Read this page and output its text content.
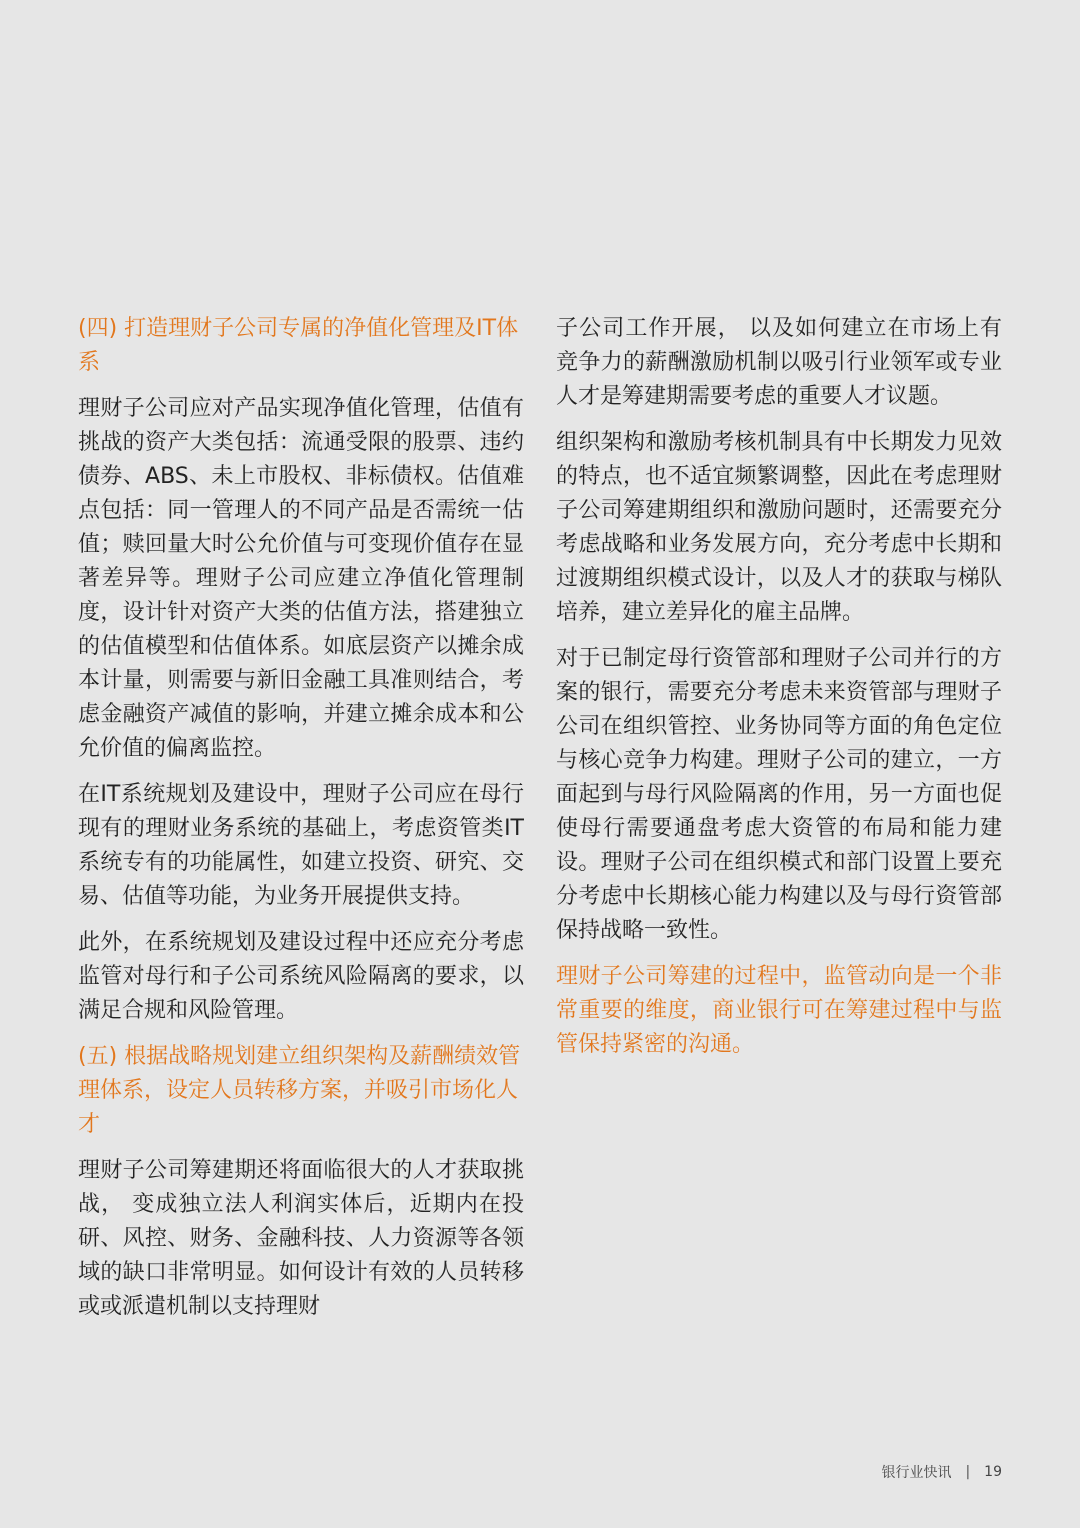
(四) 打造理财子公司专属的净值化管理及IT体系

理财子公司应对产品实现净值化管理，估值有挑战的资产大类包括：流通受限的股票、违约债券、ABS、未上市股权、非标债权。估值难点包括：同一管理人的不同产品是否需统一估值；赎回量大时公允价值与可变现价值存在显著差异等。理财子公司应建立净值化管理制度，设计针对资产大类的估值方法，搭建独立的估值模型和估值体系。如底层资产以摊余成本计量，则需要与新旧金融工具准则结合，考虑金融资产减值的影响，并建立摊余成本和公允价值的偏离监控。

在IT系统规划及建设中，理财子公司应在母行现有的理财业务系统的基础上，考虑资管类IT系统专有的功能属性，如建立投资、研究、交易、估值等功能，为业务开展提供支持。

此外，在系统规划及建设过程中还应充分考虑监管对母行和子公司系统风险隔离的要求，以满足合规和风险管理。

(五) 根据战略规划建立组织架构及薪酬绩效管理体系，设定人员转移方案，并吸引市场化人才

理财子公司筹建期还将面临很大的人才获取挑战， 变成独立法人利润实体后，近期内在投研、风控、财务、金融科技、人力资源等各领域的缺口非常明显。如何设计有效的人员转移或或派遣机制以支持理财

子公司工作开展， 以及如何建立在市场上有竞争力的薪酬激励机制以吸引行业领军或专业人才是筹建期需要考虑的重要人才议题。

组织架构和激励考核机制具有中长期发力见效的特点，也不适宜频繁调整，因此在考虑理财子公司筹建期组织和激励问题时，还需要充分考虑战略和业务发展方向，充分考虑中长期和过渡期组织模式设计，以及人才的获取与梯队培养，建立差异化的雇主品牌。

对于已制定母行资管部和理财子公司并行的方案的银行，需要充分考虑未来资管部与理财子公司在组织管控、业务协同等方面的角色定位与核心竞争力构建。理财子公司的建立，一方面起到与母行风险隔离的作用，另一方面也促使母行需要通盘考虑大资管的布局和能力建设。理财子公司在组织模式和部门设置上要充分考虑中长期核心能力构建以及与母行资管部保持战略一致性。

理财子公司筹建的过程中，监管动向是一个非常重要的维度，商业银行可在筹建过程中与监管保持紧密的沟通。

银行业快讯 | 19
